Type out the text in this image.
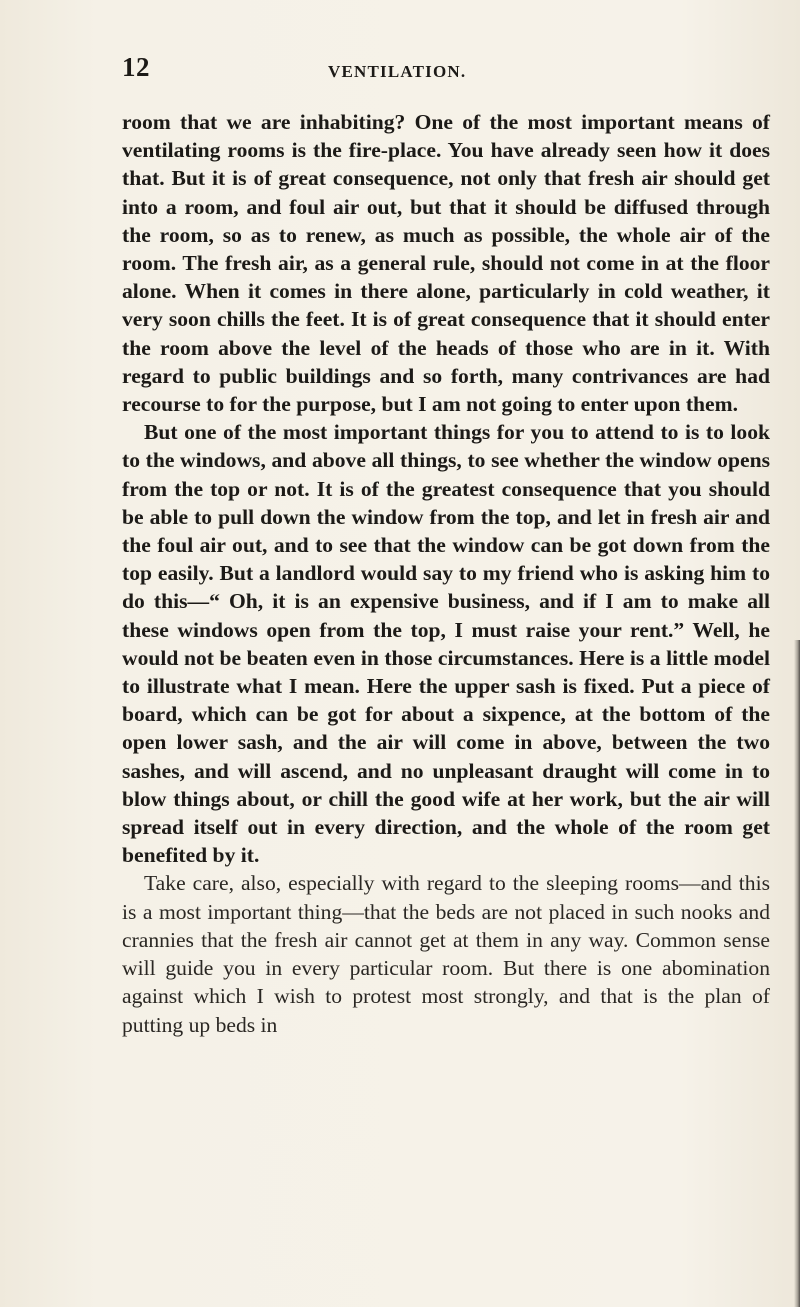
12	VENTILATION.

room that we are inhabiting? One of the most important means of ventilating rooms is the fire-place. You have already seen how it does that. But it is of great consequence, not only that fresh air should get into a room, and foul air out, but that it should be diffused through the room, so as to renew, as much as possible, the whole air of the room. The fresh air, as a general rule, should not come in at the floor alone. When it comes in there alone, particularly in cold weather, it very soon chills the feet. It is of great consequence that it should enter the room above the level of the heads of those who are in it. With regard to public buildings and so forth, many contrivances are had recourse to for the purpose, but I am not going to enter upon them.

But one of the most important things for you to attend to is to look to the windows, and above all things, to see whether the window opens from the top or not. It is of the greatest consequence that you should be able to pull down the window from the top, and let in fresh air and the foul air out, and to see that the window can be got down from the top easily. But a landlord would say to my friend who is asking him to do this—“ Oh, it is an expensive business, and if I am to make all these windows open from the top, I must raise your rent.” Well, he would not be beaten even in those circumstances. Here is a little model to illustrate what I mean. Here the upper sash is fixed. Put a piece of board, which can be got for about a sixpence, at the bottom of the open lower sash, and the air will come in above, between the two sashes, and will ascend, and no unpleasant draught will come in to blow things about, or chill the good wife at her work, but the air will spread itself out in every direction, and the whole of the room get benefited by it.

Take care, also, especially with regard to the sleeping rooms—and this is a most important thing—that the beds are not placed in such nooks and crannies that the fresh air cannot get at them in any way. Common sense will guide you in every particular room. But there is one abomination against which I wish to protest most strongly, and that is the plan of putting up beds in
